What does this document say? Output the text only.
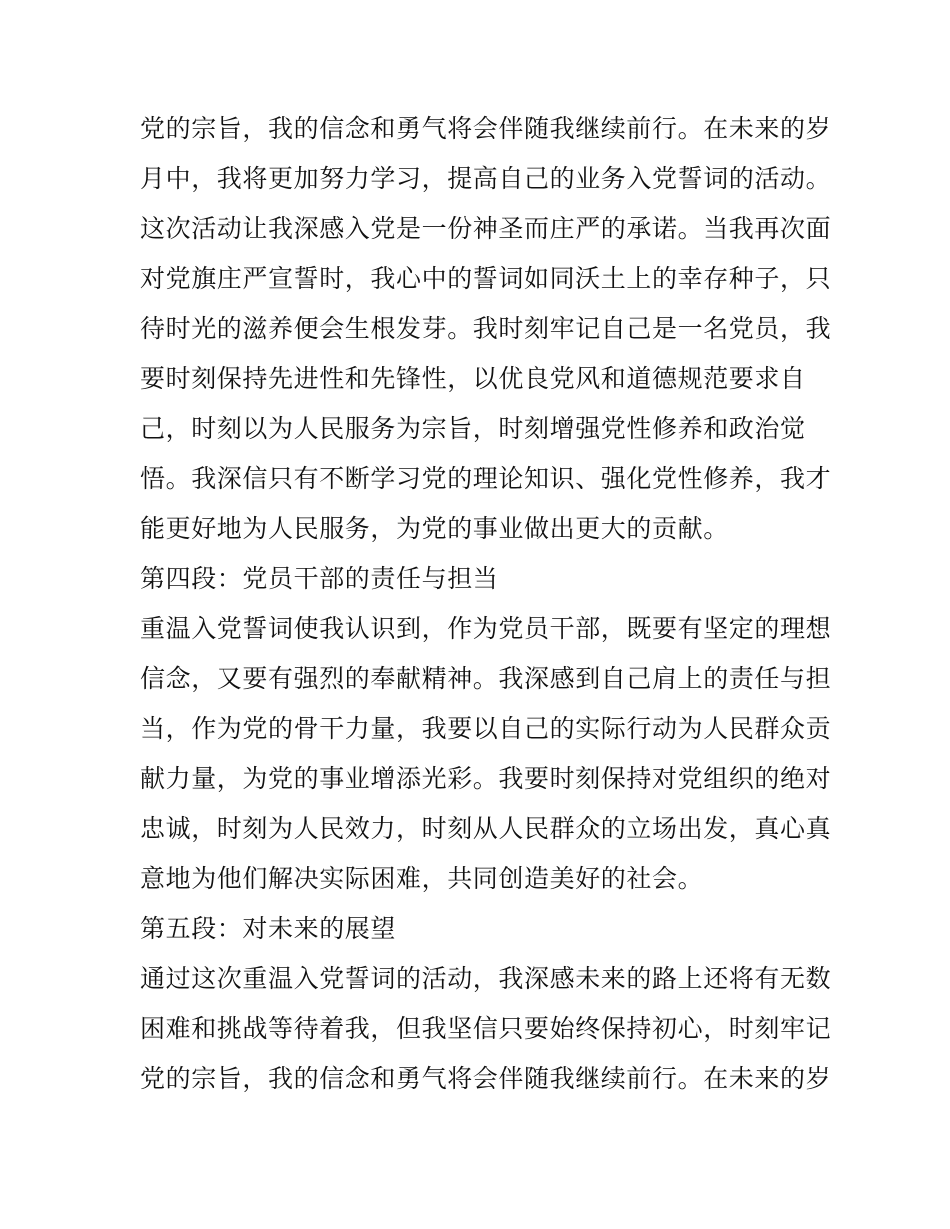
党的宗旨，我的信念和勇气将会伴随我继续前行。在未来的岁
月中，我将更加努力学习，提高自己的业务入党誓词的活动。
这次活动让我深感入党是一份神圣而庄严的承诺。当我再次面
对党旗庄严宣誓时，我心中的誓词如同沃土上的幸存种子，只
待时光的滋养便会生根发芽。我时刻牢记自己是一名党员，我
要时刻保持先进性和先锋性，以优良党风和道德规范要求自
己，时刻以为人民服务为宗旨，时刻增强党性修养和政治觉
悟。我深信只有不断学习党的理论知识、强化党性修养，我才
能更好地为人民服务，为党的事业做出更大的贡献。
第四段：党员干部的责任与担当
重温入党誓词使我认识到，作为党员干部，既要有坚定的理想
信念，又要有强烈的奉献精神。我深感到自己肩上的责任与担
当，作为党的骨干力量，我要以自己的实际行动为人民群众贡
献力量，为党的事业增添光彩。我要时刻保持对党组织的绝对
忠诚，时刻为人民效力，时刻从人民群众的立场出发，真心真
意地为他们解决实际困难，共同创造美好的社会。
第五段：对未来的展望
通过这次重温入党誓词的活动，我深感未来的路上还将有无数
困难和挑战等待着我，但我坚信只要始终保持初心，时刻牢记
党的宗旨，我的信念和勇气将会伴随我继续前行。在未来的岁
